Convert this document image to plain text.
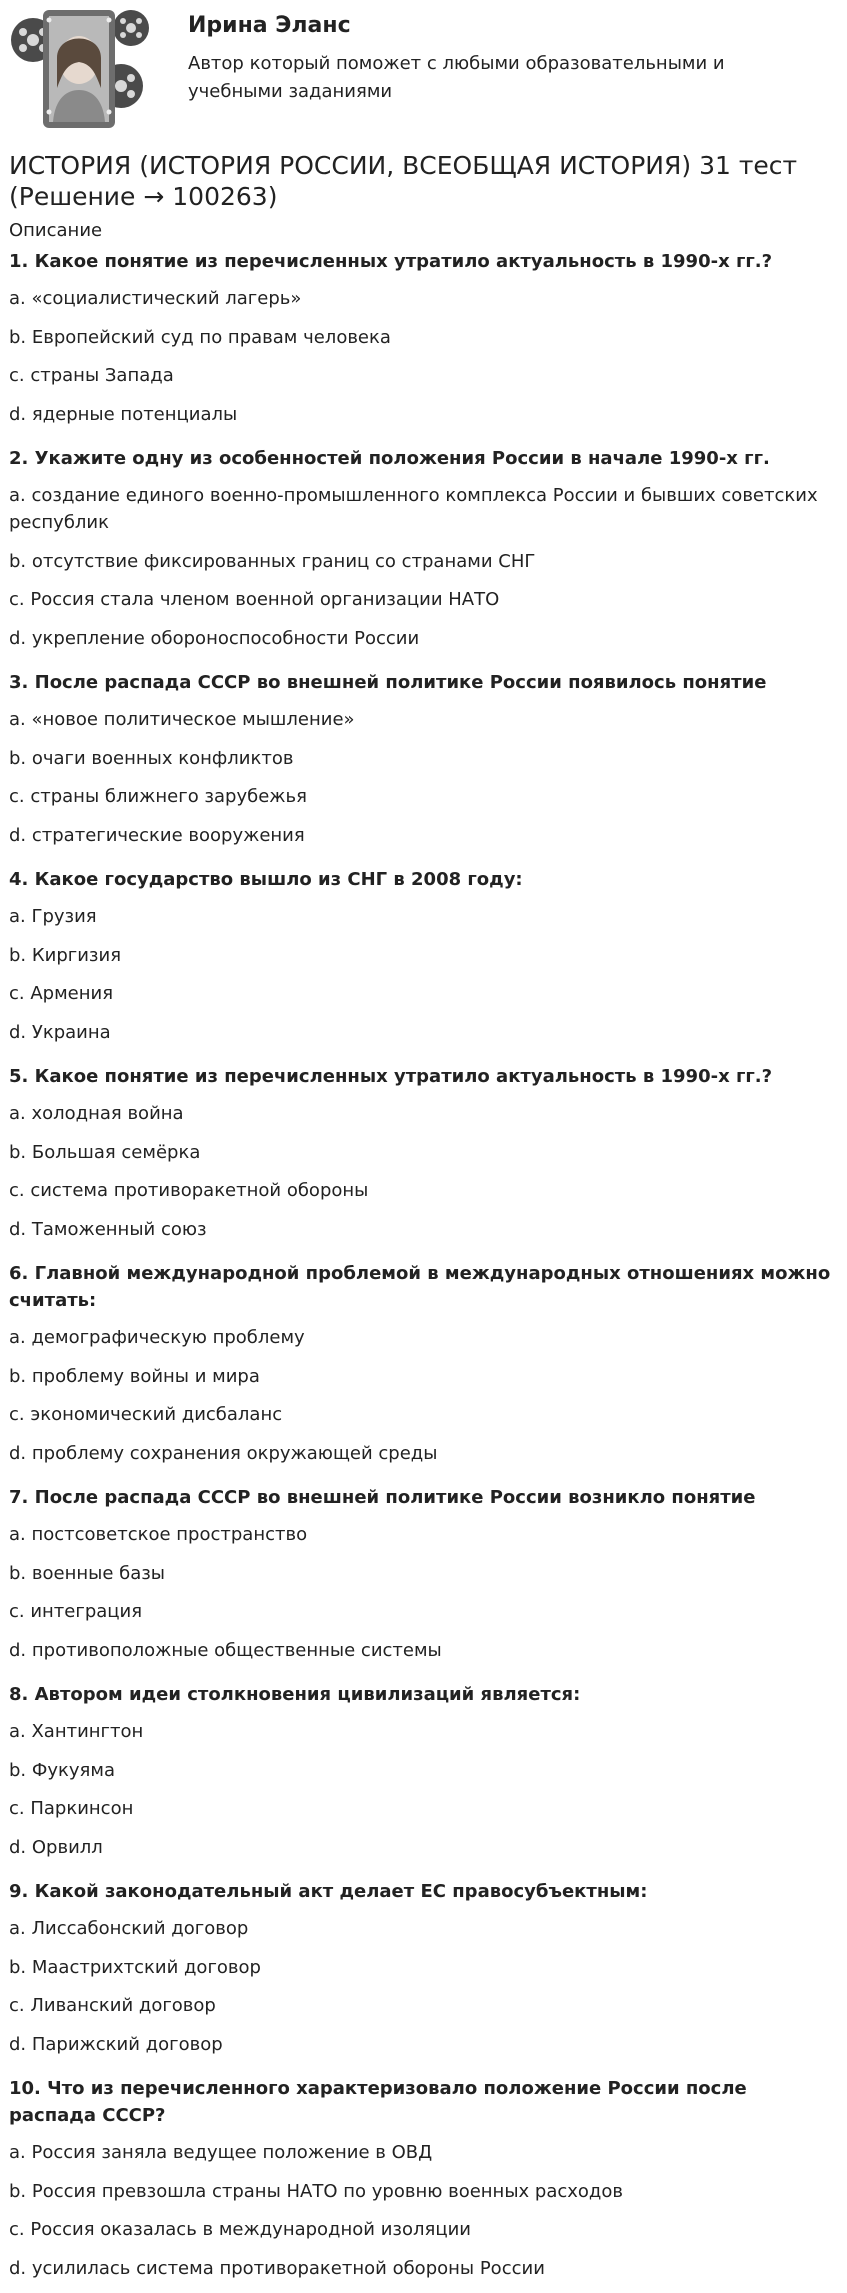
Ирина Эланс
Автор который поможет с любыми образовательными и учебными заданиями
ИСТОРИЯ (ИСТОРИЯ РОССИИ, ВСЕОБЩАЯ ИСТОРИЯ) 31 тест (Решение → 100263)
Описание

1. Какое понятие из перечисленных утратило актуальность в 1990-х гг.?

a. «социалистический лагерь»

b. Европейский суд по правам человека

c. страны Запада

d. ядерные потенциалы

2. Укажите одну из особенностей положения России в начале 1990-х гг.

a. создание единого военно-промышленного комплекса России и бывших советских республик

b. отсутствие фиксированных границ со странами СНГ

c. Россия стала членом военной организации НАТО

d. укрепление обороноспособности России

3. После распада СССР во внешней политике России появилось понятие

a. «новое политическое мышление»

b. очаги военных конфликтов

c. страны ближнего зарубежья

d. стратегические вооружения

4. Какое государство вышло из СНГ в 2008 году:

a. Грузия

b. Киргизия

c. Армения

d. Украина

5. Какое понятие из перечисленных утратило актуальность в 1990-х гг.?

a. холодная война

b. Большая семёрка

c. система противоракетной обороны

d. Таможенный союз

6. Главной международной проблемой в международных отношениях можно считать:

a. демографическую проблему

b. проблему войны и мира

c. экономический дисбаланс

d. проблему сохранения окружающей среды

7. После распада СССР во внешней политике России возникло понятие

a. постсоветское пространство

b. военные базы

c. интеграция

d. противоположные общественные системы

8. Автором идеи столкновения цивилизаций является:

a. Хантингтон

b. Фукуяма

c. Паркинсон

d. Орвилл

9. Какой законодательный акт делает ЕС правосубъектным:

a. Лиссабонский договор

b. Маастрихтский договор

c. Ливанский договор

d. Парижский договор

10. Что из перечисленного характеризовало положение России после распада СССР?

a. Россия заняла ведущее положение в ОВД

b. Россия превзошла страны НАТО по уровню военных расходов

c. Россия оказалась в международной изоляции

d. усилилась система противоракетной обороны России
